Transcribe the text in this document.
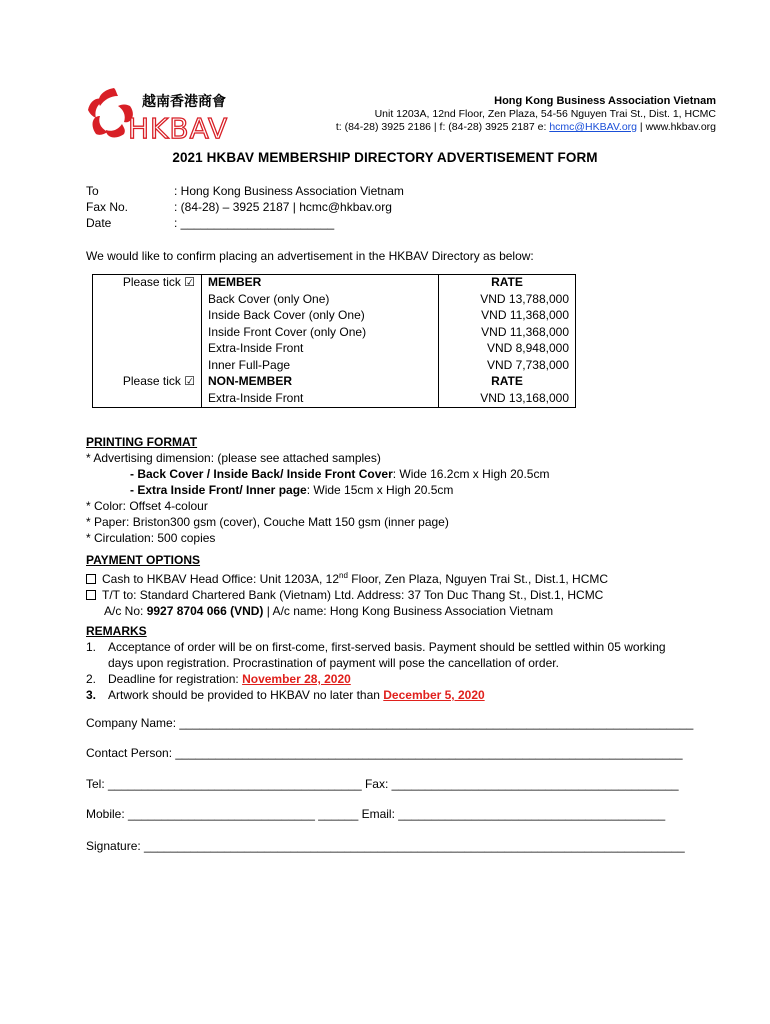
越南香港商會
HKBAV
Hong Kong Business Association Vietnam
Unit 1203A, 12nd Floor, Zen Plaza, 54-56 Nguyen Trai St., Dist. 1, HCMC
t: (84-28) 3925 2186 | f: (84-28) 3925 2187 e: hcmc@HKBAV.org | www.hkbav.org
2021 HKBAV MEMBERSHIP DIRECTORY ADVERTISEMENT FORM
To	: Hong Kong Business Association Vietnam
Fax No.	: (84-28) – 3925 2187 | hcmc@hkbav.org
Date	: _______________________
We would like to confirm placing an advertisement in the HKBAV Directory as below:
Please tick ☑	MEMBER	RATE
	Back Cover (only One)	VND 13,788,000
	Inside Back Cover (only One)	VND 11,368,000
	Inside Front Cover (only One)	VND 11,368,000
	Extra-Inside Front	VND 8,948,000
	Inner Full-Page	VND 7,738,000
Please tick ☑	NON-MEMBER	RATE
	Extra-Inside Front	VND 13,168,000
PRINTING FORMAT
* Advertising dimension: (please see attached samples)
- Back Cover / Inside Back/ Inside Front Cover: Wide 16.2cm x High 20.5cm
- Extra Inside Front/ Inner page: Wide 15cm x High 20.5cm
* Color: Offset 4-colour
* Paper: Briston300 gsm (cover), Couche Matt 150 gsm (inner page)
* Circulation: 500 copies
PAYMENT OPTIONS
Cash to HKBAV Head Office: Unit 1203A, 12nd Floor, Zen Plaza, Nguyen Trai St., Dist.1, HCMC
T/T to: Standard Chartered Bank (Vietnam) Ltd. Address: 37 Ton Duc Thang St., Dist.1, HCMC
A/c No: 9927 8704 066 (VND) | A/c name: Hong Kong Business Association Vietnam
REMARKS
1. Acceptance of order will be on first-come, first-served basis. Payment should be settled within 05 working
days upon registration. Procrastination of payment will pose the cancellation of order.
2. Deadline for registration: November 28, 2020
3. Artwork should be provided to HKBAV no later than December 5, 2020
Company Name: _____________________________________________________________________________
Contact Person: ____________________________________________________________________________
Tel: ______________________________________ Fax: ___________________________________________
Mobile: ____________________________ ______ Email: ________________________________________
Signature: _________________________________________________________________________________
